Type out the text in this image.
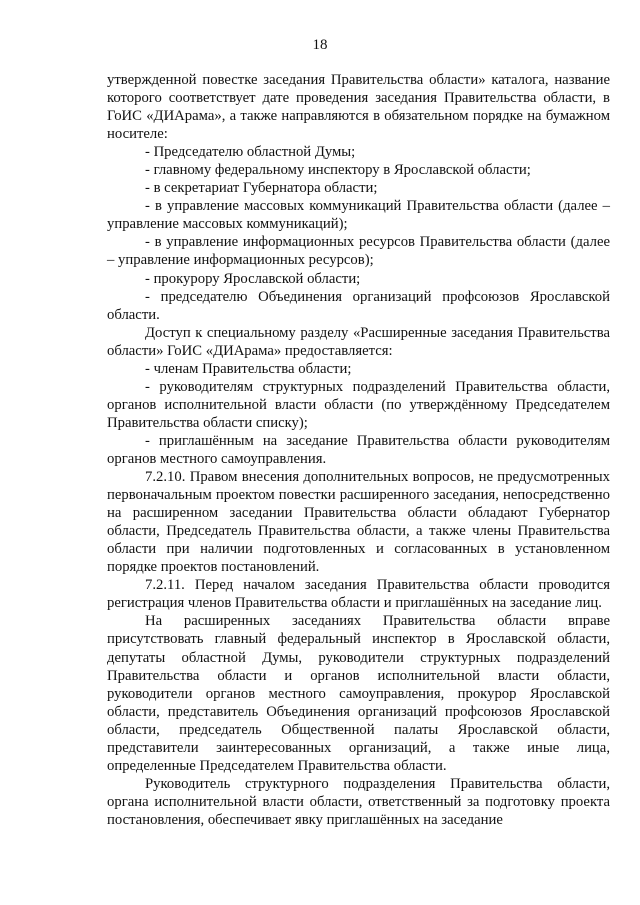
18

утвержденной повестке заседания Правительства области» каталога, название которого соответствует дате проведения заседания Правительства области, в ГоИС «ДИАрама», а также направляются в обязательном порядке на бумажном носителе:

- Председателю областной Думы;

- главному федеральному инспектору в Ярославской области;

- в секретариат Губернатора области;

- в управление массовых коммуникаций Правительства области (далее – управление массовых коммуникаций);

- в управление информационных ресурсов Правительства области (далее – управление информационных ресурсов);

- прокурору Ярославской области;

- председателю Объединения организаций профсоюзов Ярославской области.

Доступ к специальному разделу «Расширенные заседания Правительства области» ГоИС «ДИАрама» предоставляется:

- членам Правительства области;

- руководителям структурных подразделений Правительства области, органов исполнительной власти области (по утверждённому Председателем Правительства области списку);

- приглашённым на заседание Правительства области руководителям органов местного самоуправления.

7.2.10. Правом внесения дополнительных вопросов, не предусмотренных первоначальным проектом повестки расширенного заседания, непосредственно на расширенном заседании Правительства области обладают Губернатор области, Председатель Правительства области, а также члены Правительства области при наличии подготовленных и согласованных в установленном порядке проектов постановлений.

7.2.11. Перед началом заседания Правительства области проводится регистрация членов Правительства области и приглашённых на заседание лиц.

На расширенных заседаниях Правительства области вправе присутствовать главный федеральный инспектор в Ярославской области, депутаты областной Думы, руководители структурных подразделений Правительства области и органов исполнительной власти области, руководители органов местного самоуправления, прокурор Ярославской области, представитель Объединения организаций профсоюзов Ярославской области, председатель Общественной палаты Ярославской области, представители заинтересованных организаций, а также иные лица, определенные Председателем Правительства области.

Руководитель структурного подразделения Правительства области, органа исполнительной власти области, ответственный за подготовку проекта постановления, обеспечивает явку приглашённых на заседание
